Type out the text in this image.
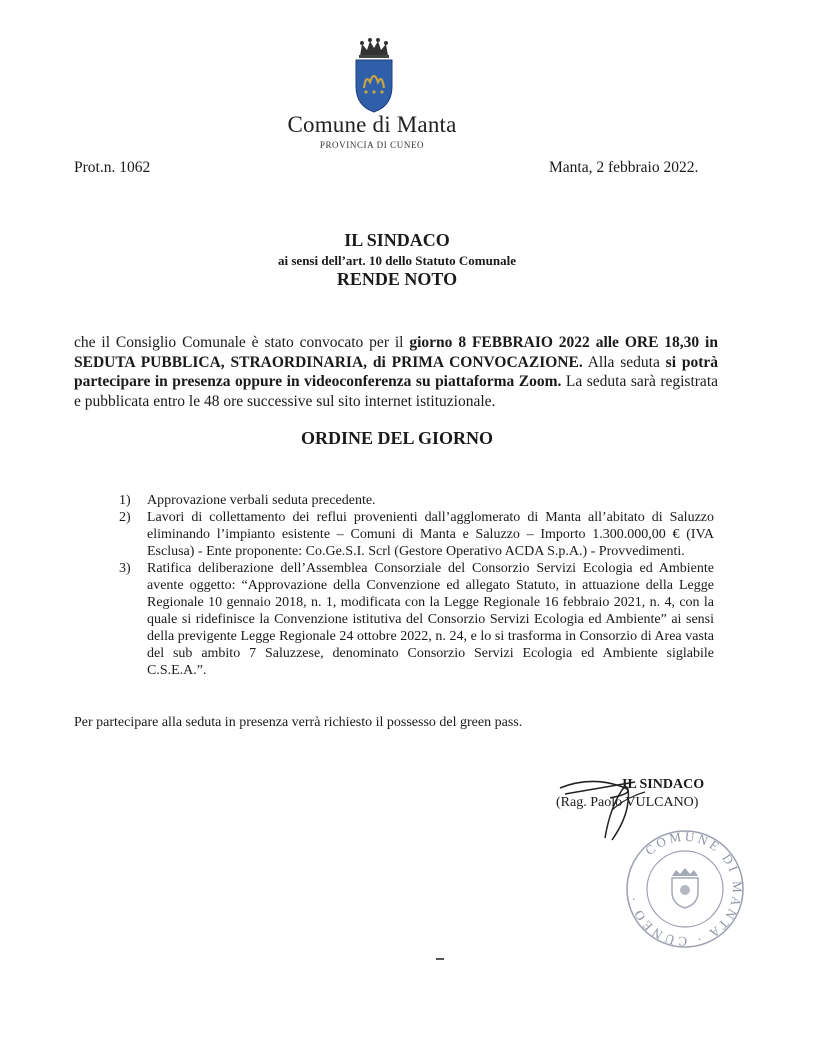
Comune di Manta
PROVINCIA DI CUNEO
Prot.n. 1062	Manta, 2 febbraio 2022.
IL SINDACO
ai sensi dell’art. 10 dello Statuto Comunale
RENDE NOTO

che il Consiglio Comunale è stato convocato per il giorno 8 FEBBRAIO 2022 alle ORE 18,30 in SEDUTA PUBBLICA, STRAORDINARIA, di PRIMA CONVOCAZIONE. Alla seduta si potrà partecipare in presenza oppure in videoconferenza su piattaforma Zoom. La seduta sarà registrata e pubblicata entro le 48 ore successive sul sito internet istituzionale.

ORDINE DEL GIORNO
1) Approvazione verbali seduta precedente.
2) Lavori di collettamento dei reflui provenienti dall’agglomerato di Manta all’abitato di Saluzzo eliminando l’impianto esistente – Comuni di Manta e Saluzzo – Importo 1.300.000,00 € (IVA Esclusa) - Ente proponente: Co.Ge.S.I. Scrl (Gestore Operativo ACDA S.p.A.) - Provvedimenti.
3) Ratifica deliberazione dell’Assemblea Consorziale del Consorzio Servizi Ecologia ed Ambiente avente oggetto: “Approvazione della Convenzione ed allegato Statuto, in attuazione della Legge Regionale 10 gennaio 2018, n. 1, modificata con la Legge Regionale 16 febbraio 2021, n. 4, con la quale si ridefinisce la Convenzione istitutiva del Consorzio Servizi Ecologia ed Ambiente” ai sensi della previgente Legge Regionale 24 ottobre 2022, n. 24, e lo si trasforma in Consorzio di Area vasta del sub ambito 7 Saluzzese, denominato Consorzio Servizi Ecologia ed Ambiente siglabile C.S.E.A.”.
Per partecipare alla seduta in presenza verrà richiesto il possesso del green pass.
IL SINDACO
(Rag. Paolo VULCANO)
COMUNE DI MANTA · CUNEO ·
